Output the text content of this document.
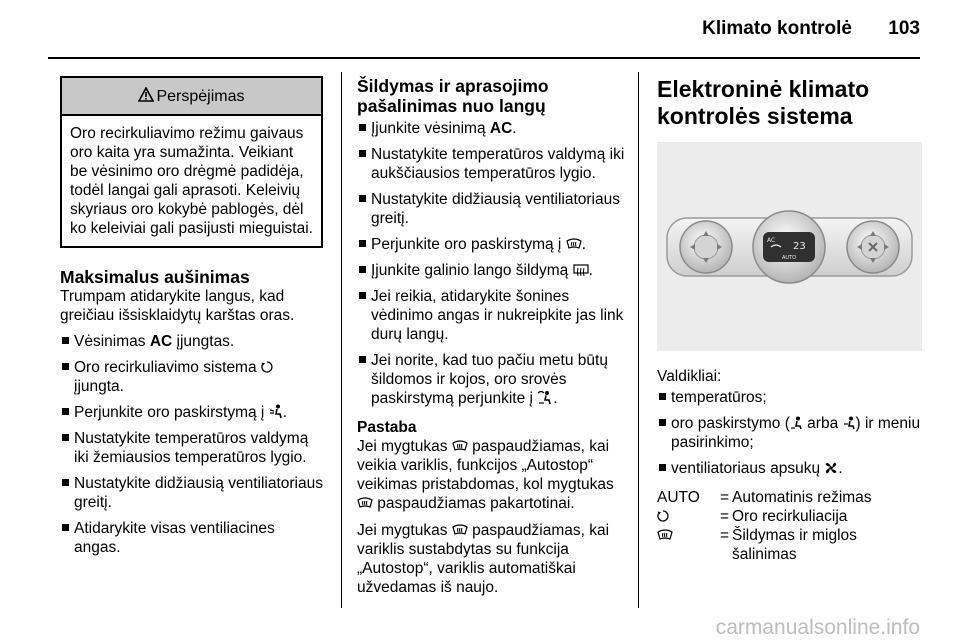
Klimato kontrolė 103
Perspėjimas
Oro recirkuliavimo režimu gaivaus oro kaita yra sumažinta. Veikiant be vėsinimo oro drėgmė padidėja, todėl langai gali aprasoti. Keleivių skyriaus oro kokybė pablogės, dėl ko keleiviai gali pasijusti mieguistai.
Maksimalus aušinimas

Trumpam atidarykite langus, kad greičiau išsisklaidytų karštas oras.

Vėsinimas AC įjungtas.
Oro recirkuliavimo sistema  įjungta.
Perjunkite oro paskirstymą į .
Nustatykite temperatūros valdymą iki žemiausios temperatūros lygio.
Nustatykite didžiausią ventiliatoriaus greitį.
Atidarykite visas ventiliacines angas.
Šildymas ir aprasojimo pašalinimas nuo langų
Įjunkite vėsinimą AC.
Nustatykite temperatūros valdymą iki aukščiausios temperatūros lygio.
Nustatykite didžiausią ventiliatoriaus greitį.
Perjunkite oro paskirstymą į .
Įjunkite galinio lango šildymą .
Jei reikia, atidarykite šonines vėdinimo angas ir nukreipkite jas link durų langų.
Jei norite, kad tuo pačiu metu būtų šildomos ir kojos, oro srovės paskirstymą perjunkite į .

Pastaba

Jei mygtukas  paspaudžiamas, kai veikia variklis, funkcijos „Autostop“ veikimas pristabdomas, kol mygtukas  paspaudžiamas pakartotinai.

Jei mygtukas  paspaudžiamas, kai variklis sustabdytas su funkcija „Autostop“, variklis automatiškai užvedamas iš naujo.

Elektroninė klimato kontrolės sistema
AC
23
AUTO

Valdikliai:

temperatūros;
oro paskirstymo ( arba ) ir meniu pasirinkimo;
ventiliatoriaus apsukų .
AUTO	= Automatinis režimas
= Oro recirkuliacija
= Šildymas ir miglos šalinimas
carmanualsonline.info
